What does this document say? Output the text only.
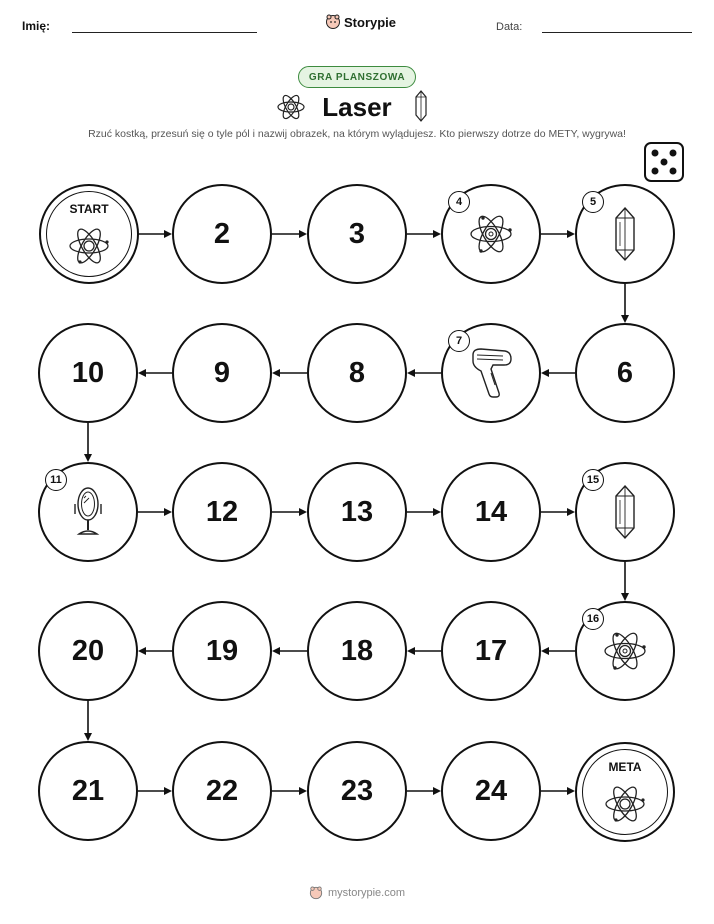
Imię:	Storypie	Data:
GRA PLANSZOWA
Laser
Rzuć kostką, przesuń się o tyle pól i nazwij obrazek, na którym wylądujesz. Kto pierwszy dotrze do METY, wygrywa!
START
META
2	3
4	5
6
7
8
9
10
11
12	13	14
15
16
17
18
19
20
21	22	23	24
mystorypie.com
